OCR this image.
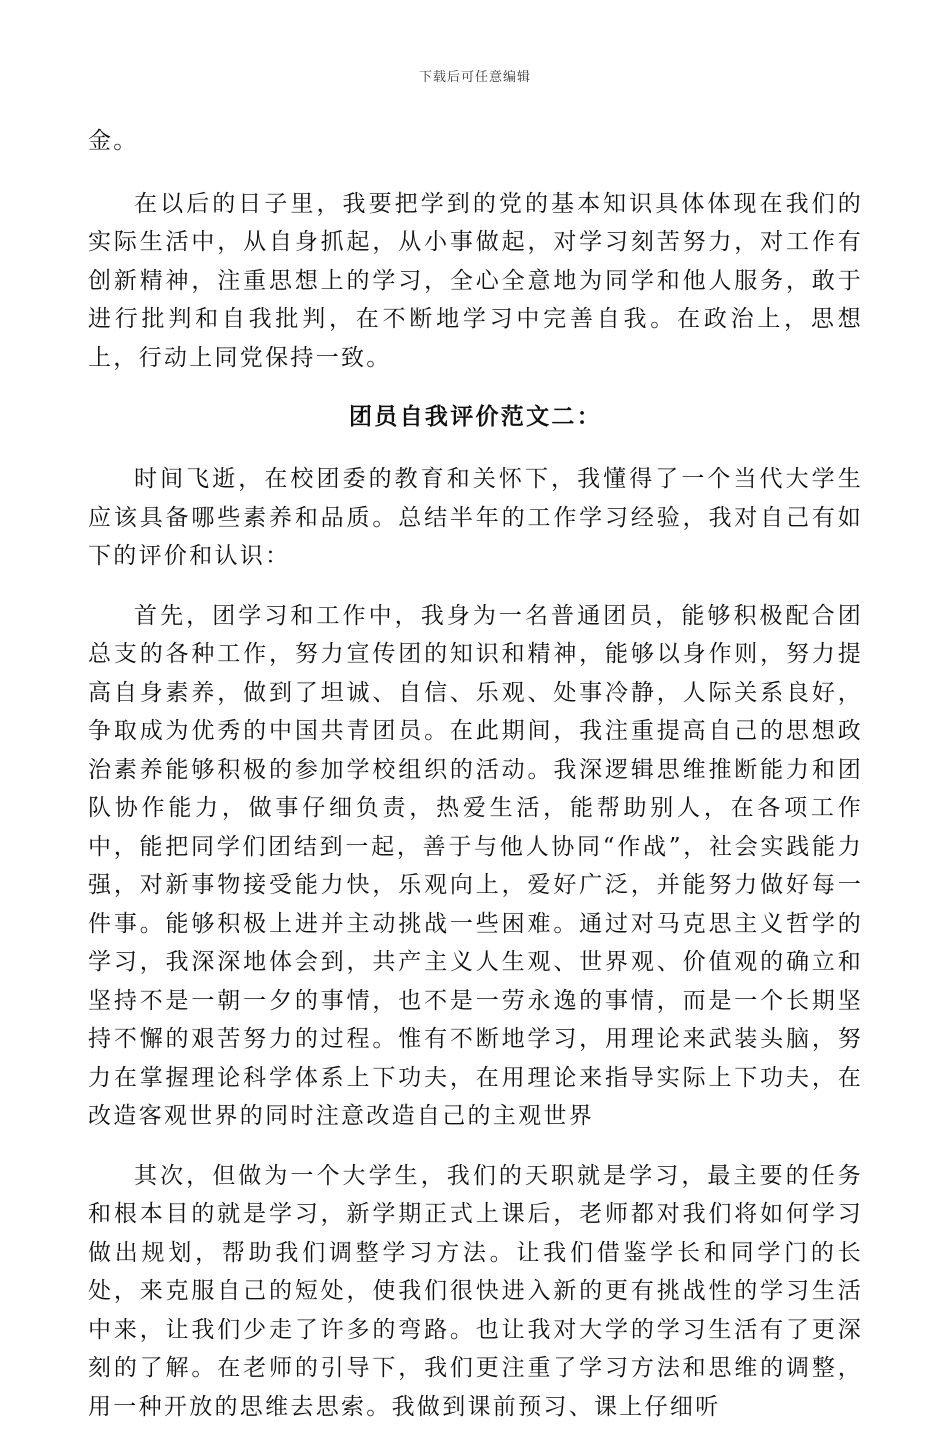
下载后可任意编辑

金。

在以后的日子里，我要把学到的党的基本知识具体体现在我们的实际生活中，从自身抓起，从小事做起，对学习刻苦努力，对工作有创新精神，注重思想上的学习，全心全意地为同学和他人服务，敢于进行批判和自我批判，在不断地学习中完善自我。在政治上，思想上，行动上同党保持一致。

团员自我评价范文二：

时间飞逝，在校团委的教育和关怀下，我懂得了一个当代大学生应该具备哪些素养和品质。总结半年的工作学习经验，我对自己有如下的评价和认识：

首先，团学习和工作中，我身为一名普通团员，能够积极配合团总支的各种工作，努力宣传团的知识和精神，能够以身作则，努力提高自身素养，做到了坦诚、自信、乐观、处事冷静，人际关系良好，争取成为优秀的中国共青团员。在此期间，我注重提高自己的思想政治素养能够积极的参加学校组织的活动。我深逻辑思维推断能力和团队协作能力，做事仔细负责，热爱生活，能帮助别人，在各项工作中，能把同学们团结到一起，善于与他人协同“作战”，社会实践能力强，对新事物接受能力快，乐观向上，爱好广泛，并能努力做好每一件事。能够积极上进并主动挑战一些困难。通过对马克思主义哲学的学习，我深深地体会到，共产主义人生观、世界观、价值观的确立和坚持不是一朝一夕的事情，也不是一劳永逸的事情，而是一个长期坚持不懈的艰苦努力的过程。惟有不断地学习，用理论来武装头脑，努力在掌握理论科学体系上下功夫，在用理论来指导实际上下功夫，在改造客观世界的同时注意改造自己的主观世界

其次，但做为一个大学生，我们的天职就是学习，最主要的任务和根本目的就是学习，新学期正式上课后，老师都对我们将如何学习做出规划，帮助我们调整学习方法。让我们借鉴学长和同学门的长处，来克服自己的短处，使我们很快进入新的更有挑战性的学习生活中来，让我们少走了许多的弯路。也让我对大学的学习生活有了更深刻的了解。在老师的引导下，我们更注重了学习方法和思维的调整，用一种开放的思维去思索。我做到课前预习、课上仔细听
